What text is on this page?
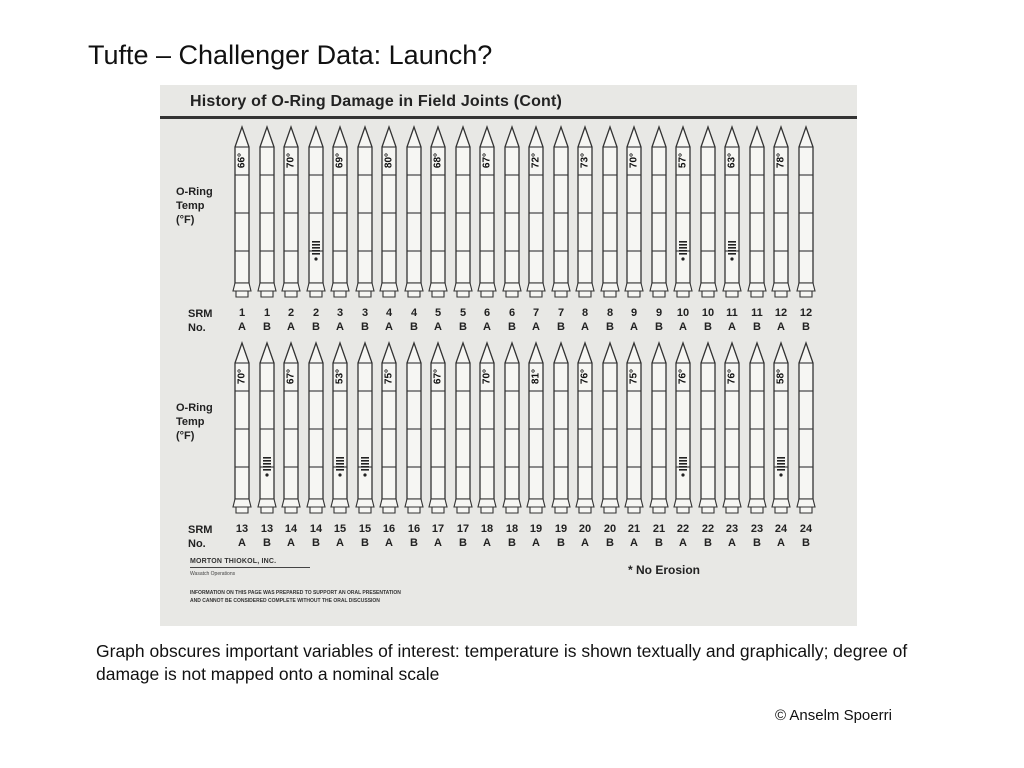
Tufte – Challenger Data: Launch?
History of O-Ring Damage in Field Joints (Cont)
O-Ring
Temp
(°F)
SRM
No.
O-Ring
Temp
(°F)
SRM
No.
66°
1
A
1
B
70°
2
A
2
B
69°
3
A
3
B
80°
4
A
4
B
68°
5
A
5
B
67°
6
A
6
B
72°
7
A
7
B
73°
8
A
8
B
70°
9
A
9
B
57°
10
A
10
B
63°
11
A
11
B
78°
12
A
12
B
70°
13
A
13
B
67°
14
A
14
B
53°
15
A
15
B
75°
16
A
16
B
67°
17
A
17
B
70°
18
A
18
B
81°
19
A
19
B
76°
20
A
20
B
75°
21
A
21
B
76°
22
A
22
B
76°
23
A
23
B
58°
24
A
24
B
MORTON THIOKOL, INC.
Wasatch Operations
INFORMATION ON THIS PAGE WAS PREPARED TO SUPPORT AN ORAL PRESENTATION
AND CANNOT BE CONSIDERED COMPLETE WITHOUT THE ORAL DISCUSSION
* No Erosion
Graph obscures important variables of interest: temperature is shown textually and graphically; degree of damage is not mapped onto a nominal scale
© Anselm Spoerri
